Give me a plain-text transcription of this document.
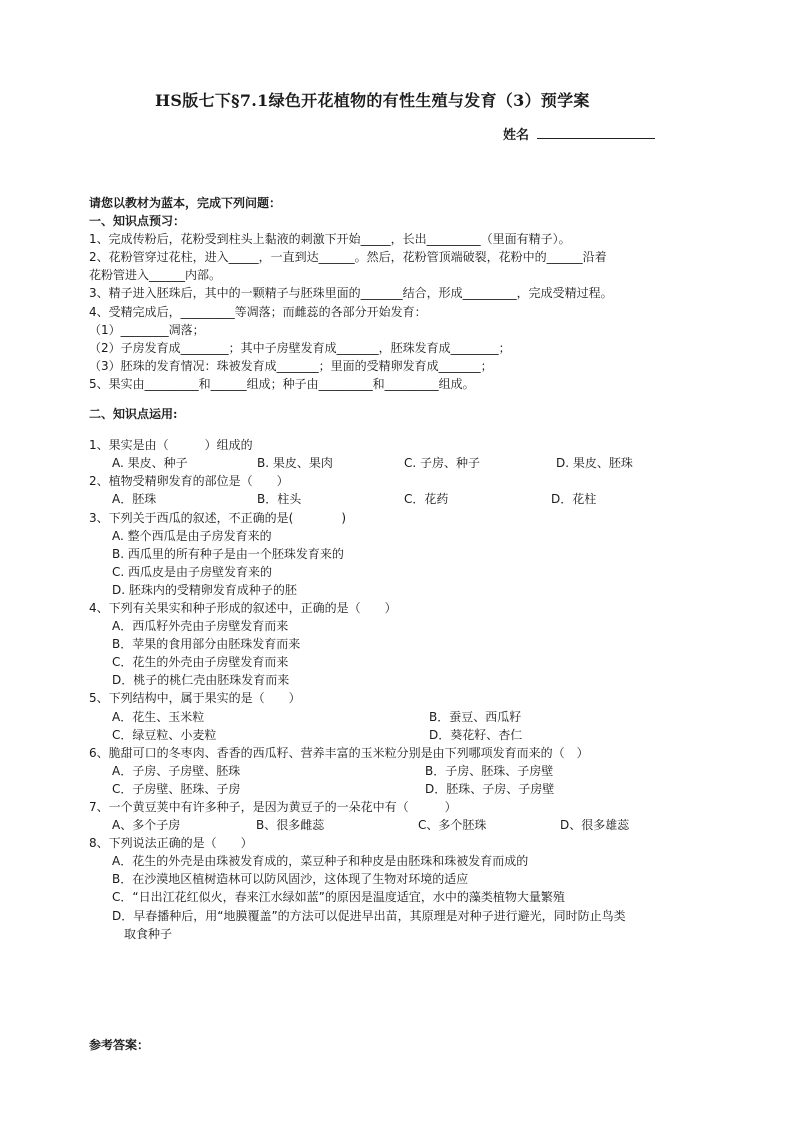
HS版七下§7.1绿色开花植物的有性生殖与发育（3）预学案
姓名
请您以教材为蓝本，完成下列问题：
一、知识点预习：
1、完成传粉后，花粉受到柱头上黏液的刺激下开始_____，长出_________（里面有精子）。
2、花粉管穿过花柱，进入_____，一直到达______。然后，花粉管顶端破裂，花粉中的______沿着
花粉管进入______内部。
3、精子进入胚珠后，其中的一颗精子与胚珠里面的_______结合，形成_________，完成受精过程。
4、受精完成后，_________等凋落；而雌蕊的各部分开始发育：
（1）________凋落；
（2）子房发育成________；其中子房壁发育成_______，胚珠发育成________；
（3）胚珠的发育情况：珠被发育成_______；里面的受精卵发育成_______；
5、果实由_________和______组成；种子由_________和_________组成。
二、知识点运用:
1、果实是由（　　　）组成的
A. 果皮、种子	B. 果皮、果肉	C. 子房、种子	D. 果皮、胚珠
2、植物受精卵发育的部位是（　　）
A．胚珠	B．柱头	C．花药	D．花柱
3、下列关于西瓜的叙述，不正确的是(　　　　)
A. 整个西瓜是由子房发育来的
B. 西瓜里的所有种子是由一个胚珠发育来的
C. 西瓜皮是由子房壁发育来的
D. 胚珠内的受精卵发育成种子的胚
4、下列有关果实和种子形成的叙述中，正确的是（　　）
A．西瓜籽外壳由子房壁发育而来
B．苹果的食用部分由胚珠发育而来
C．花生的外壳由子房壁发育而来
D．桃子的桃仁壳由胚珠发育而来
5、下列结构中，属于果实的是（　　）
A．花生、玉米粒	B．蚕豆、西瓜籽
C．绿豆粒、小麦粒	D．葵花籽、杏仁
6、脆甜可口的冬枣肉、香香的西瓜籽、营养丰富的玉米粒分别是由下列哪项发育而来的（　）
A．子房、子房壁、胚珠	B．子房、胚珠、子房壁
C．子房壁、胚珠、子房	D．胚珠、子房、子房壁
7、一个黄豆荚中有许多种子，是因为黄豆子的一朵花中有（　　　）
A、多个子房	B、很多雌蕊	C、多个胚珠	D、很多雄蕊
8、下列说法正确的是（　　）
A．花生的外壳是由珠被发育成的，菜豆种子和种皮是由胚珠和珠被发育而成的
B．在沙漠地区植树造林可以防风固沙，这体现了生物对环境的适应
C．“日出江花红似火，春来江水绿如蓝”的原因是温度适宜，水中的藻类植物大量繁殖
D．早春播种后，用“地膜覆盖”的方法可以促进早出苗，其原理是对种子进行避光，同时防止鸟类
取食种子
参考答案：
